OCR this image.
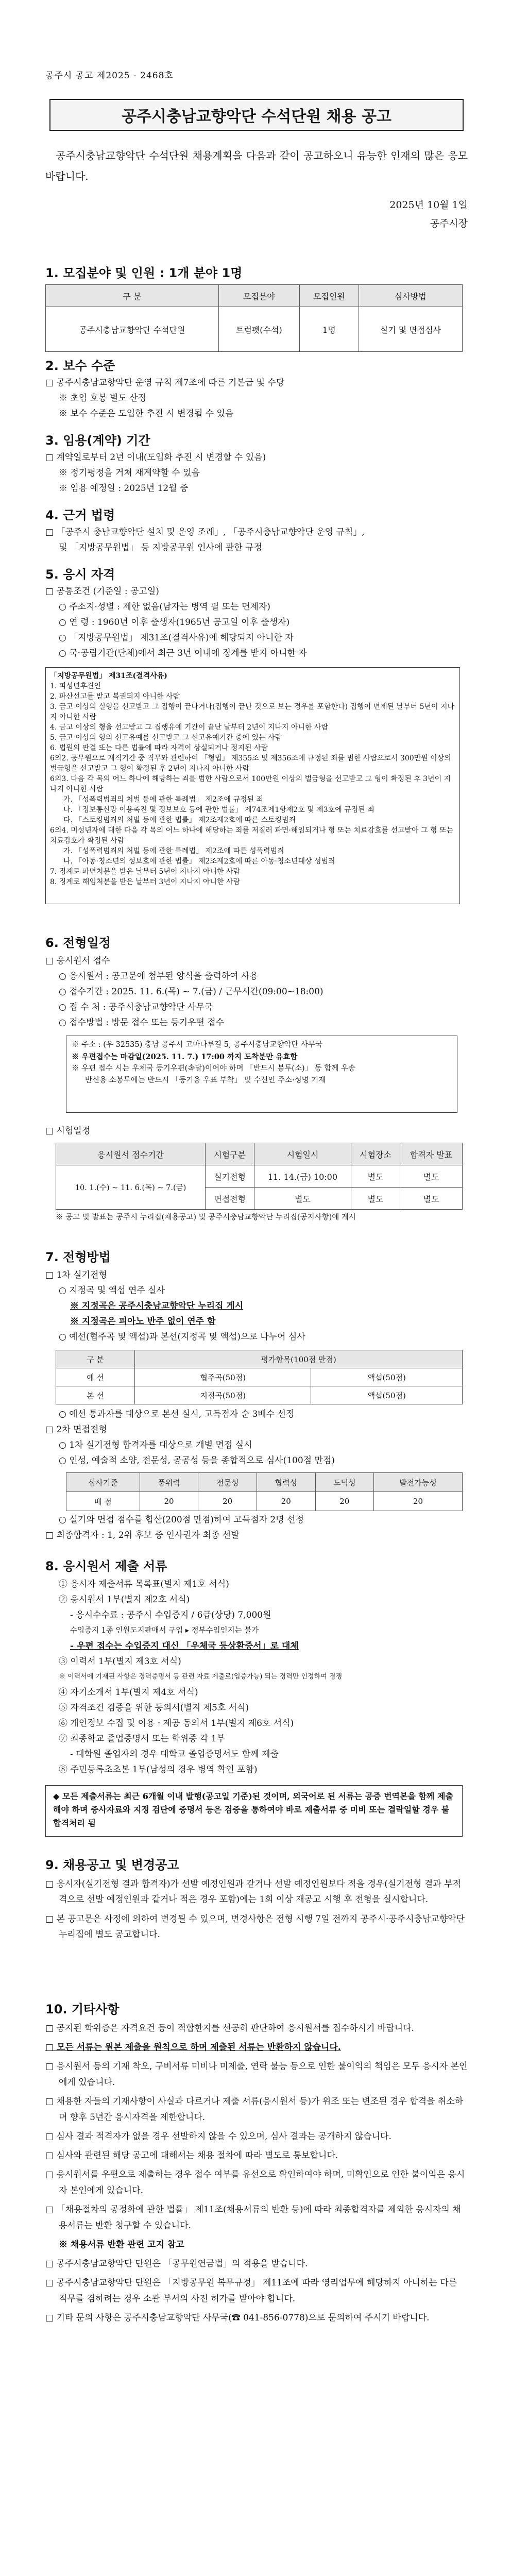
공주시 공고 제2025 - 2468호
공주시충남교향악단 수석단원 채용 공고
공주시충남교향악단 수석단원 채용계획을 다음과 같이 공고하오니 유능한 인재의 많은 응모 바랍니다.
2025년 10월 1일
공주시장
1. 모집분야 및 인원 : 1개 분야 1명
구 분	모집분야	모집인원	심사방법
공주시충남교향악단 수석단원	트럼펫(수석)	1명	실기 및 면접심사
2. 보수 수준
□ 공주시충남교향악단 운영 규칙 제7조에 따른 기본급 및 수당
※ 초임 호봉 별도 산정
※ 보수 수준은 도입한 추진 시 변경될 수 있음
3. 임용(계약) 기간
□ 계약일로부터 2년 이내(도입화 추진 시 변경할 수 있음)
※ 정기평정을 거쳐 재계약할 수 있음
※ 임용 예정일 : 2025년 12월 중
4. 근거 법령
□ 「공주시 충남교향악단 설치 및 운영 조례」, 「공주시충남교향악단 운영 규칙」,
및 「지방공무원법」 등 지방공무원 인사에 관한 규정
5. 응시 자격
□ 공통조건 (기준일 : 공고일)
○ 주소지·성별 : 제한 없음(남자는 병역 필 또는 면제자)
○ 연 령 : 1960년 이후 출생자(1965년 공고일 이후 출생자)
○ 「지방공무원법」 제31조(결격사유)에 해당되지 아니한 자
○ 국·공립기관(단체)에서 최근 3년 이내에 징계를 받지 아니한 자
「지방공무원법」 제31조(결격사유)
1. 피성년후견인
2. 파산선고를 받고 복권되지 아니한 사람
3. 금고 이상의 실형을 선고받고 그 집행이 끝나거나(집행이 끝난 것으로 보는 경우를 포함한다) 집행이 면제된 날부터 5년이 지나지 아니한 사람
4. 금고 이상의 형을 선고받고 그 집행유예 기간이 끝난 날부터 2년이 지나지 아니한 사람
5. 금고 이상의 형의 선고유예를 선고받고 그 선고유예기간 중에 있는 사람
6. 법원의 판결 또는 다른 법률에 따라 자격이 상실되거나 정지된 사람
6의2. 공무원으로 재직기간 중 직무와 관련하여 「형법」 제355조 및 제356조에 규정된 죄를 범한 사람으로서 300만원 이상의 벌금형을 선고받고 그 형이 확정된 후 2년이 지나지 아니한 사람
6의3. 다음 각 목의 어느 하나에 해당하는 죄를 범한 사람으로서 100만원 이상의 벌금형을 선고받고 그 형이 확정된 후 3년이 지나지 아니한 사람
가. 「성폭력범죄의 처벌 등에 관한 특례법」 제2조에 규정된 죄
나. 「정보통신망 이용촉진 및 정보보호 등에 관한 법률」 제74조제1항제2호 및 제3호에 규정된 죄
다. 「스토킹범죄의 처벌 등에 관한 법률」 제2조제2호에 따른 스토킹범죄
6의4. 미성년자에 대한 다음 각 목의 어느 하나에 해당하는 죄를 저질러 파면·해임되거나 형 또는 치료감호를 선고받아 그 형 또는 치료감호가 확정된 사람
가. 「성폭력범죄의 처벌 등에 관한 특례법」 제2조에 따른 성폭력범죄
나. 「아동·청소년의 성보호에 관한 법률」 제2조제2호에 따른 아동·청소년대상 성범죄
7. 징계로 파면처분을 받은 날부터 5년이 지나지 아니한 사람
8. 징계로 해임처분을 받은 날부터 3년이 지나지 아니한 사람
6. 전형일정
□ 응시원서 접수
○ 응시원서 : 공고문에 첨부된 양식을 출력하여 사용
○ 접수기간 : 2025. 11. 6.(목) ~ 7.(금) / 근무시간(09:00~18:00)
○ 접 수 처 : 공주시충남교향악단 사무국
○ 접수방법 : 방문 접수 또는 등기우편 접수
※ 주소 : (우 32535) 충남 공주시 고마나루길 5, 공주시충남교향악단 사무국
※ 우편접수는 마감일(2025. 11. 7.) 17:00 까지 도착분만 유효함
※ 우편 접수 시는 우체국 등기우편(속달)이어야 하며 「반드시 봉투(소)」 동 함께 우송
반신용 소봉투에는 반드시 「등기용 우표 부착」 및 수신인 주소·성명 기재
□ 시험일정
응시원서 접수기간	시험구분	시험일시	시험장소	합격자 발표
10. 1.(수) ~ 11. 6.(목) ~ 7.(금)	실기전형	11. 14.(금) 10:00	별도	별도
	면접전형	별도	별도	별도
※ 공고 및 발표는 공주시 누리집(채용공고) 및 공주시충남교향악단 누리집(공지사항)에 게시
7. 전형방법
□ 1차 실기전형
○ 지정곡 및 액섭 연주 실사
※ 지정곡은 공주시충남교향악단 누리집 게시
※ 지정곡은 피아노 반주 없이 연주 함
○ 예선(협주곡 및 액섭)과 본선(지정곡 및 액섭)으로 나누어 심사
구 분	평가항목(100점 만점)	
예 선	협주곡(50점)	액섭(50점)
본 선	지정곡(50점)	액섭(50점)
○ 예선 통과자를 대상으로 본선 실시, 고득점자 순 3배수 선정
□ 2차 면접전형
○ 1차 실기전형 합격자를 대상으로 개별 면접 실시
○ 인성, 예술적 소양, 전문성, 공공성 등을 종합적으로 심사(100점 만점)
심사기준	품위력	전문성	협력성	도덕성	발전가능성
배 점	20	20	20	20	20
○ 실기와 면접 점수를 합산(200점 만점)하여 고득점자 2명 선정
□ 최종합격자 : 1, 2위 후보 중 인사권자 최종 선발
8. 응시원서 제출 서류
① 응시자 제출서류 목록표(별지 제1호 서식)
② 응시원서 1부(별지 제2호 서식)
- 응시수수료 : 공주시 수입증지 / 6급(상당) 7,000원
수입증지 1종 인원도지판매서 구입 ▸ 정부수입인지는 불가
- 우편 접수는 수입증지 대신 「우체국 등상환증서」로 대체
③ 이력서 1부(별지 제3호 서식)
※ 이력서에 기재된 사항은 경력증명서 등 관련 자료 제출로(입증가능) 되는 경력만 인정하여 경쟁
④ 자기소개서 1부(별지 제4호 서식)
⑤ 자격조건 검증을 위한 동의서(별지 제5호 서식)
⑥ 개인정보 수집 및 이용 · 제공 동의서 1부(별지 제6호 서식)
⑦ 최종학교 졸업증명서 또는 학위증 각 1부
- 대학원 졸업자의 경우 대학교 졸업증명서도 함께 제출
⑧ 주민등록초초본 1부(남성의 경우 병역 확인 포함)
◆ 모든 제출서류는 최근 6개월 이내 발행(공고일 기준)된 것이며, 외국어로 된 서류는 공증 번역본을 함께 제출해야 하며 증사자료와 지정 검단에 증명서 등은 검증을 통하여야 바로 제출서류 중 미비 또는 결락일할 경우 불합격처리 됨
9. 채용공고 및 변경공고
□ 응시자(실기전형 결과 합격자)가 선발 예정인원과 같거나 선발 예정인원보다 적을 경우(실기전형 결과 부적격으로 선발 예정인원과 같거나 적은 경우 포함)에는 1회 이상 재공고 시행 후 전형을 실시합니다.
□ 본 공고문은 사정에 의하여 변경될 수 있으며, 변경사항은 전형 시행 7일 전까지 공주시·공주시충남교향악단 누리집에 별도 공고합니다.
10. 기타사항
□ 공지된 학위증은 자격요건 등이 적합한지를 선공히 판단하여 응시원서를 접수하시기 바랍니다.
□ 모든 서류는 원본 제출을 원칙으로 하며 제출된 서류는 반환하지 않습니다.
□ 응시원서 등의 기재 착오, 구비서류 미비나 미제출, 연락 불능 등으로 인한 불이익의 책임은 모두 응시자 본인에게 있습니다.
□ 채용한 자들의 기재사항이 사실과 다르거나 제출 서류(응시원서 등)가 위조 또는 변조된 경우 합격을 취소하며 향후 5년간 응시자격을 제한합니다.
□ 심사 결과 적격자가 없을 경우 선발하지 않을 수 있으며, 심사 결과는 공개하지 않습니다.
□ 심사와 관련된 해당 공고에 대해서는 채용 절차에 따라 별도로 통보합니다.
□ 응시원서를 우편으로 제출하는 경우 접수 여부를 유선으로 확인하여야 하며, 미확인으로 인한 불이익은 응시자 본인에게 있습니다.
□ 「채용절차의 공정화에 관한 법률」 제11조(채용서류의 반환 등)에 따라 최종합격자를 제외한 응시자의 채용서류는 반환 청구할 수 있습니다.
※ 채용서류 반환 관련 고지 참고
□ 공주시충남교향악단 단원은 「공무원연금법」의 적용을 받습니다.
□ 공주시충남교향악단 단원은 「지방공무원 복무규정」 제11조에 따라 영리업무에 해당하지 아니하는 다른 직무를 겸하려는 경우 소관 부서의 사전 허가를 받아야 합니다.
□ 기타 문의 사항은 공주시충남교향악단 사무국(☎ 041-856-0778)으로 문의하여 주시기 바랍니다.
